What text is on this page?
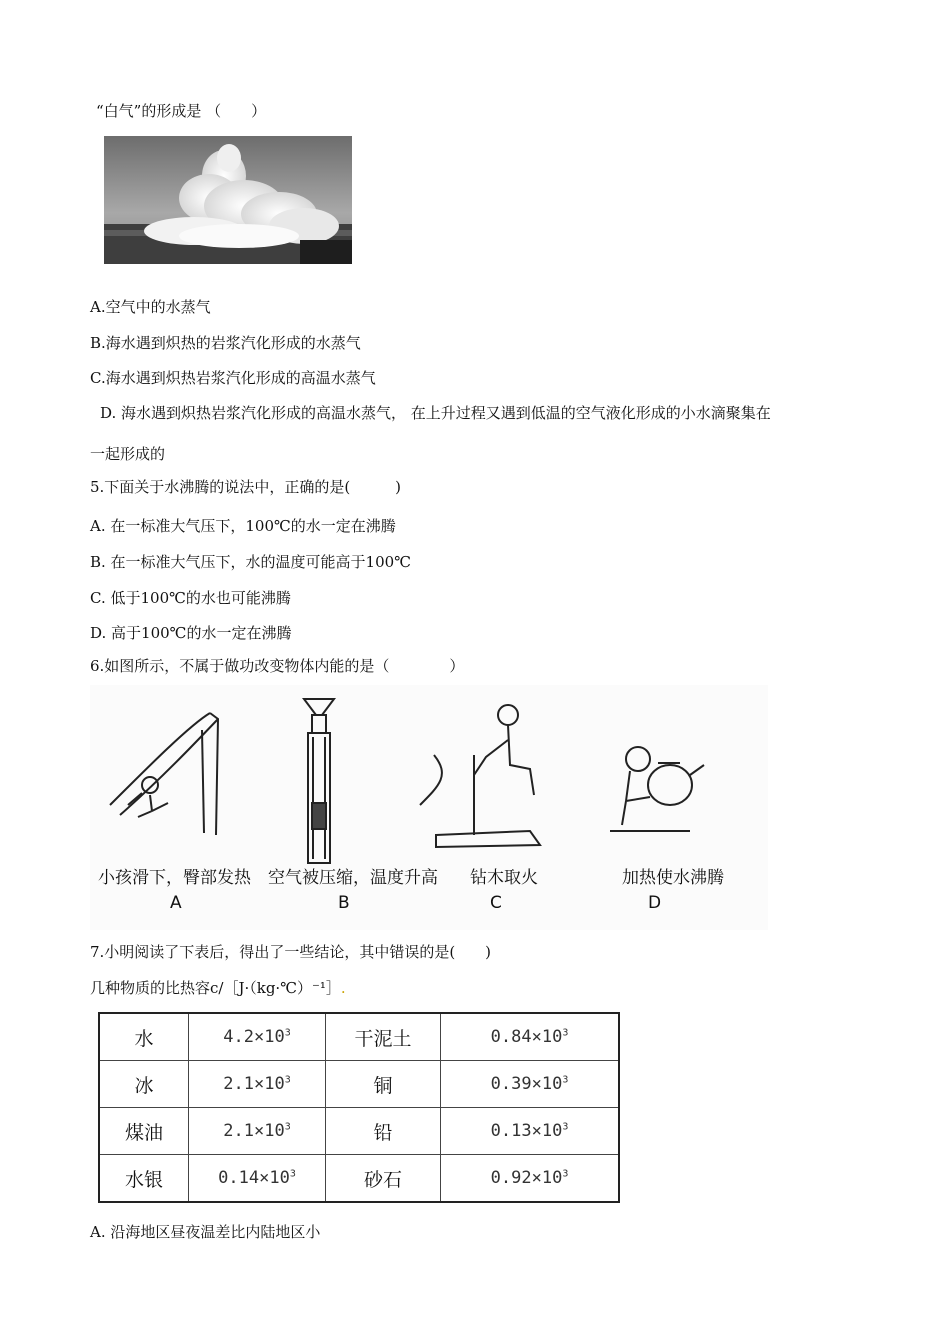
“白气”的形成是 （　　）
A.空气中的水蒸气
B.海水遇到炽热的岩浆汽化形成的水蒸气
C.海水遇到炽热岩浆汽化形成的高温水蒸气
D. 海水遇到炽热岩浆汽化形成的高温水蒸气， 在上升过程又遇到低温的空气液化形成的小水滴聚集在
一起形成的
5.下面关于水沸腾的说法中，正确的是(　　　)
A. 在一标准大气压下，100℃的水一定在沸腾
B. 在一标准大气压下，水的温度可能高于100℃
C. 低于100℃的水也可能沸腾
D. 高于100℃的水一定在沸腾
6.如图所示，不属于做功改变物体内能的是（　　　　）
小孩滑下，臀部发热
A
空气被压缩，温度升高
B
钻木取火
C
加热使水沸腾
D
7.小明阅读了下表后，得出了一些结论，其中错误的是(　　)
几种物质的比热容c/［J·（kg·℃）⁻¹］.
水	$4.2\times 10^3$	干泥土	$0.84\times 10^3$
冰	$2.1\times 10^3$	铜	$0.39\times 10^3$
煤油	$2.1\times 10^3$	铅	$0.13\times 10^3$
水银	$0.14\times 10^3$	砂石	$0.92\times 10^3$
A. 沿海地区昼夜温差比内陆地区小
